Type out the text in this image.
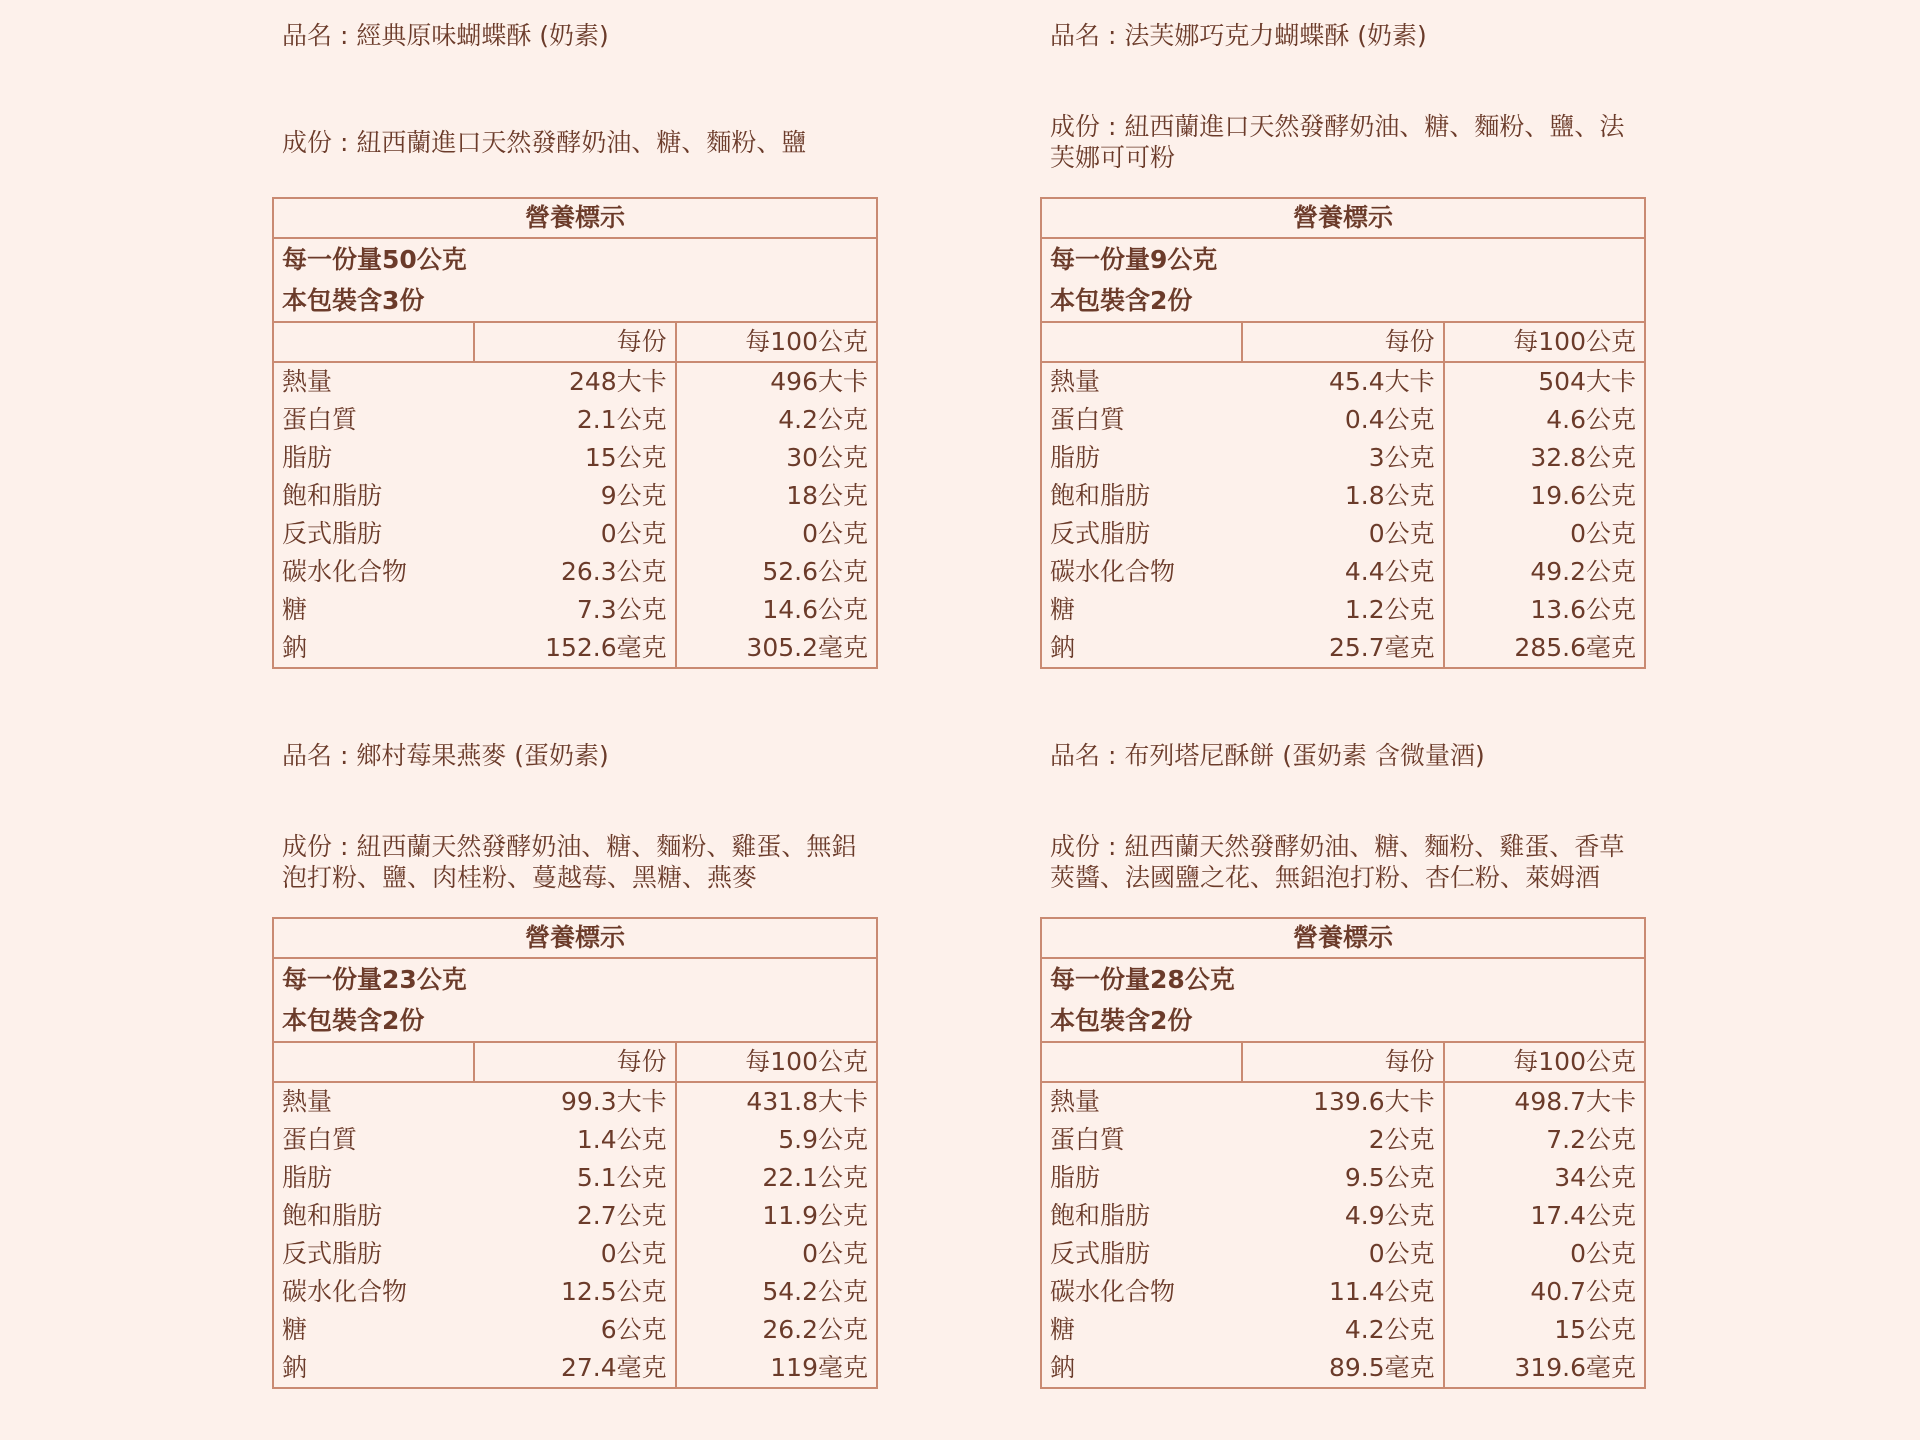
品名 : 經典原味蝴蝶酥 (奶素)
成份 : 紐西蘭進口天然發酵奶油、糖、麵粉、鹽
營養標示		

每一份量50公克
本包裝含3份		

	每份	每100公克
熱量	248大卡	496大卡
蛋白質	2.1公克	4.2公克
脂肪	15公克	30公克
飽和脂肪	9公克	18公克
反式脂肪	0公克	0公克
碳水化合物	26.3公克	52.6公克
糖	7.3公克	14.6公克
鈉	152.6毫克	305.2毫克
品名 : 法芙娜巧克力蝴蝶酥 (奶素)
成份 : 紐西蘭進口天然發酵奶油、糖、麵粉、鹽、法芙娜可可粉
營養標示		

每一份量9公克
本包裝含2份		

	每份	每100公克
熱量	45.4大卡	504大卡
蛋白質	0.4公克	4.6公克
脂肪	3公克	32.8公克
飽和脂肪	1.8公克	19.6公克
反式脂肪	0公克	0公克
碳水化合物	4.4公克	49.2公克
糖	1.2公克	13.6公克
鈉	25.7毫克	285.6毫克
品名 : 鄉村莓果燕麥 (蛋奶素)
成份 : 紐西蘭天然發酵奶油、糖、麵粉、雞蛋、無鋁泡打粉、鹽、肉桂粉、蔓越莓、黑糖、燕麥
營養標示		

每一份量23公克
本包裝含2份		

	每份	每100公克
熱量	99.3大卡	431.8大卡
蛋白質	1.4公克	5.9公克
脂肪	5.1公克	22.1公克
飽和脂肪	2.7公克	11.9公克
反式脂肪	0公克	0公克
碳水化合物	12.5公克	54.2公克
糖	6公克	26.2公克
鈉	27.4毫克	119毫克
品名 : 布列塔尼酥餅 (蛋奶素 含微量酒)
成份 : 紐西蘭天然發酵奶油、糖、麵粉、雞蛋、香草莢醬、法國鹽之花、無鋁泡打粉、杏仁粉、萊姆酒
營養標示		

每一份量28公克
本包裝含2份		

	每份	每100公克
熱量	139.6大卡	498.7大卡
蛋白質	2公克	7.2公克
脂肪	9.5公克	34公克
飽和脂肪	4.9公克	17.4公克
反式脂肪	0公克	0公克
碳水化合物	11.4公克	40.7公克
糖	4.2公克	15公克
鈉	89.5毫克	319.6毫克
